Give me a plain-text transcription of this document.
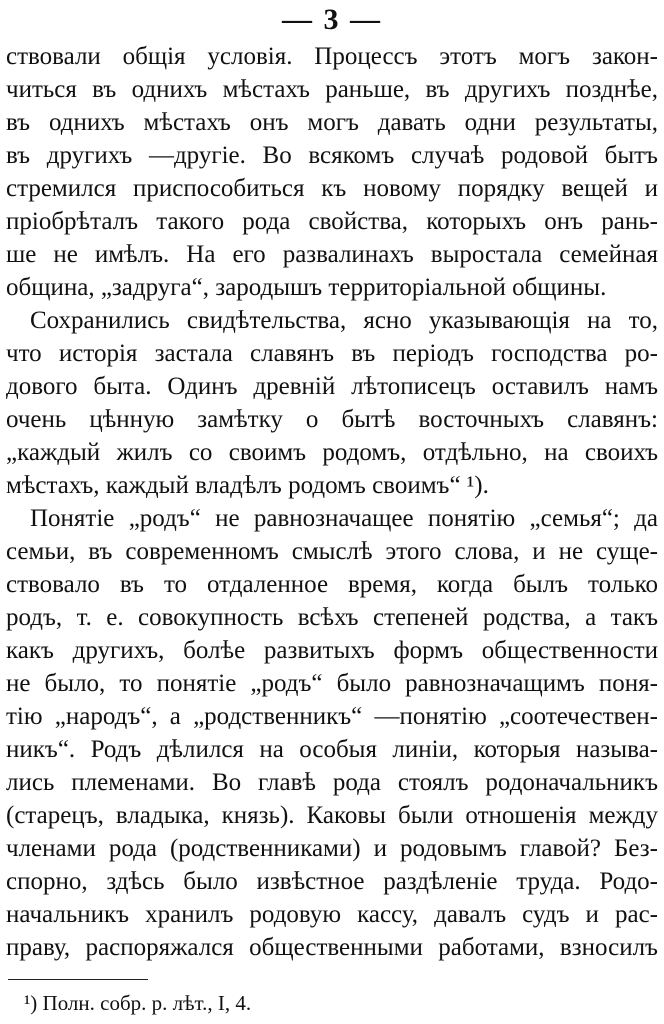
— 3 —
ствовали общія условія. Процессъ этотъ могъ закон-
читься въ однихъ мѣстахъ раньше, въ другихъ позднѣе,
въ однихъ мѣстахъ онъ могъ давать одни результаты,
въ другихъ —другіе. Во всякомъ случаѣ родовой бытъ
стремился приспособиться къ новому порядку вещей и
пріобрѣталъ такого рода свойства, которыхъ онъ рань-
ше не имѣлъ. На его развалинахъ выростала семейная
община, „задруга“, зародышъ территоріальной общины.
Сохранились свидѣтельства, ясно указывающія на то,
что исторія застала славянъ въ періодъ господства ро-
дового быта. Одинъ древній лѣтописецъ оставилъ намъ
очень цѣнную замѣтку о бытѣ восточныхъ славянъ:
„каждый жилъ со своимъ родомъ, отдѣльно, на своихъ
мѣстахъ, каждый владѣлъ родомъ своимъ“ ¹).
Понятіе „родъ“ не равнозначащее понятію „семья“; да
семьи, въ современномъ смыслѣ этого слова, и не суще-
ствовало въ то отдаленное время, когда былъ только
родъ, т. е. совокупность всѣхъ степеней родства, а такъ
какъ другихъ, болѣе развитыхъ формъ общественности
не было, то понятіе „родъ“ было равнозначащимъ поня-
тію „народъ“, а „родственникъ“ —понятію „соотечествен-
никъ“. Родъ дѣлился на особыя линіи, которыя называ-
лись племенами. Во главѣ рода стоялъ родоначальникъ
(старецъ, владыка, князь). Каковы были отношенія между
членами рода (родственниками) и родовымъ главой? Без-
спорно, здѣсь было извѣстное раздѣленіе труда. Родо-
начальникъ хранилъ родовую кассу, давалъ судъ и рас-
праву, распоряжался общественными работами, взносилъ
¹) Полн. собр. р. лѣт., I, 4.
